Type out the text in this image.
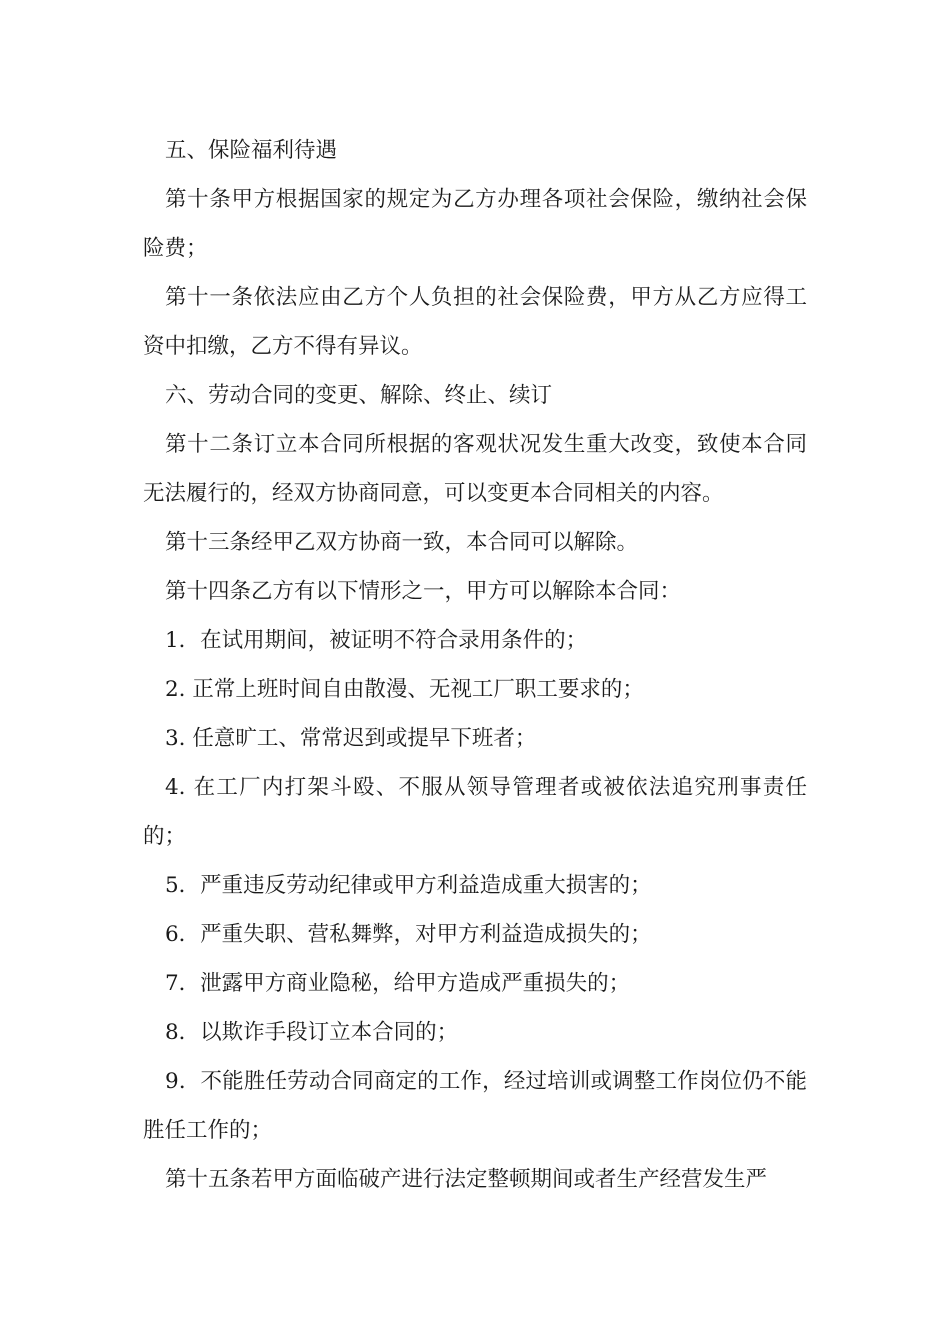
五、保险福利待遇

第十条甲方根据国家的规定为乙方办理各项社会保险，缴纳社会保险费；

第十一条依法应由乙方个人负担的社会保险费，甲方从乙方应得工资中扣缴，乙方不得有异议。

六、劳动合同的变更、解除、终止、续订

第十二条订立本合同所根据的客观状况发生重大改变，致使本合同无法履行的，经双方协商同意，可以变更本合同相关的内容。

第十三条经甲乙双方协商一致，本合同可以解除。

第十四条乙方有以下情形之一，甲方可以解除本合同：

1．在试用期间，被证明不符合录用条件的；

2. 正常上班时间自由散漫、无视工厂职工要求的；

3. 任意旷工、常常迟到或提早下班者；

4. 在工厂内打架斗殴、不服从领导管理者或被依法追究刑事责任的；

5．严重违反劳动纪律或甲方利益造成重大损害的；

6．严重失职、营私舞弊，对甲方利益造成损失的；

7．泄露甲方商业隐秘，给甲方造成严重损失的；

8．以欺诈手段订立本合同的；

9．不能胜任劳动合同商定的工作，经过培训或调整工作岗位仍不能胜任工作的；

第十五条若甲方面临破产进行法定整顿期间或者生产经营发生严
